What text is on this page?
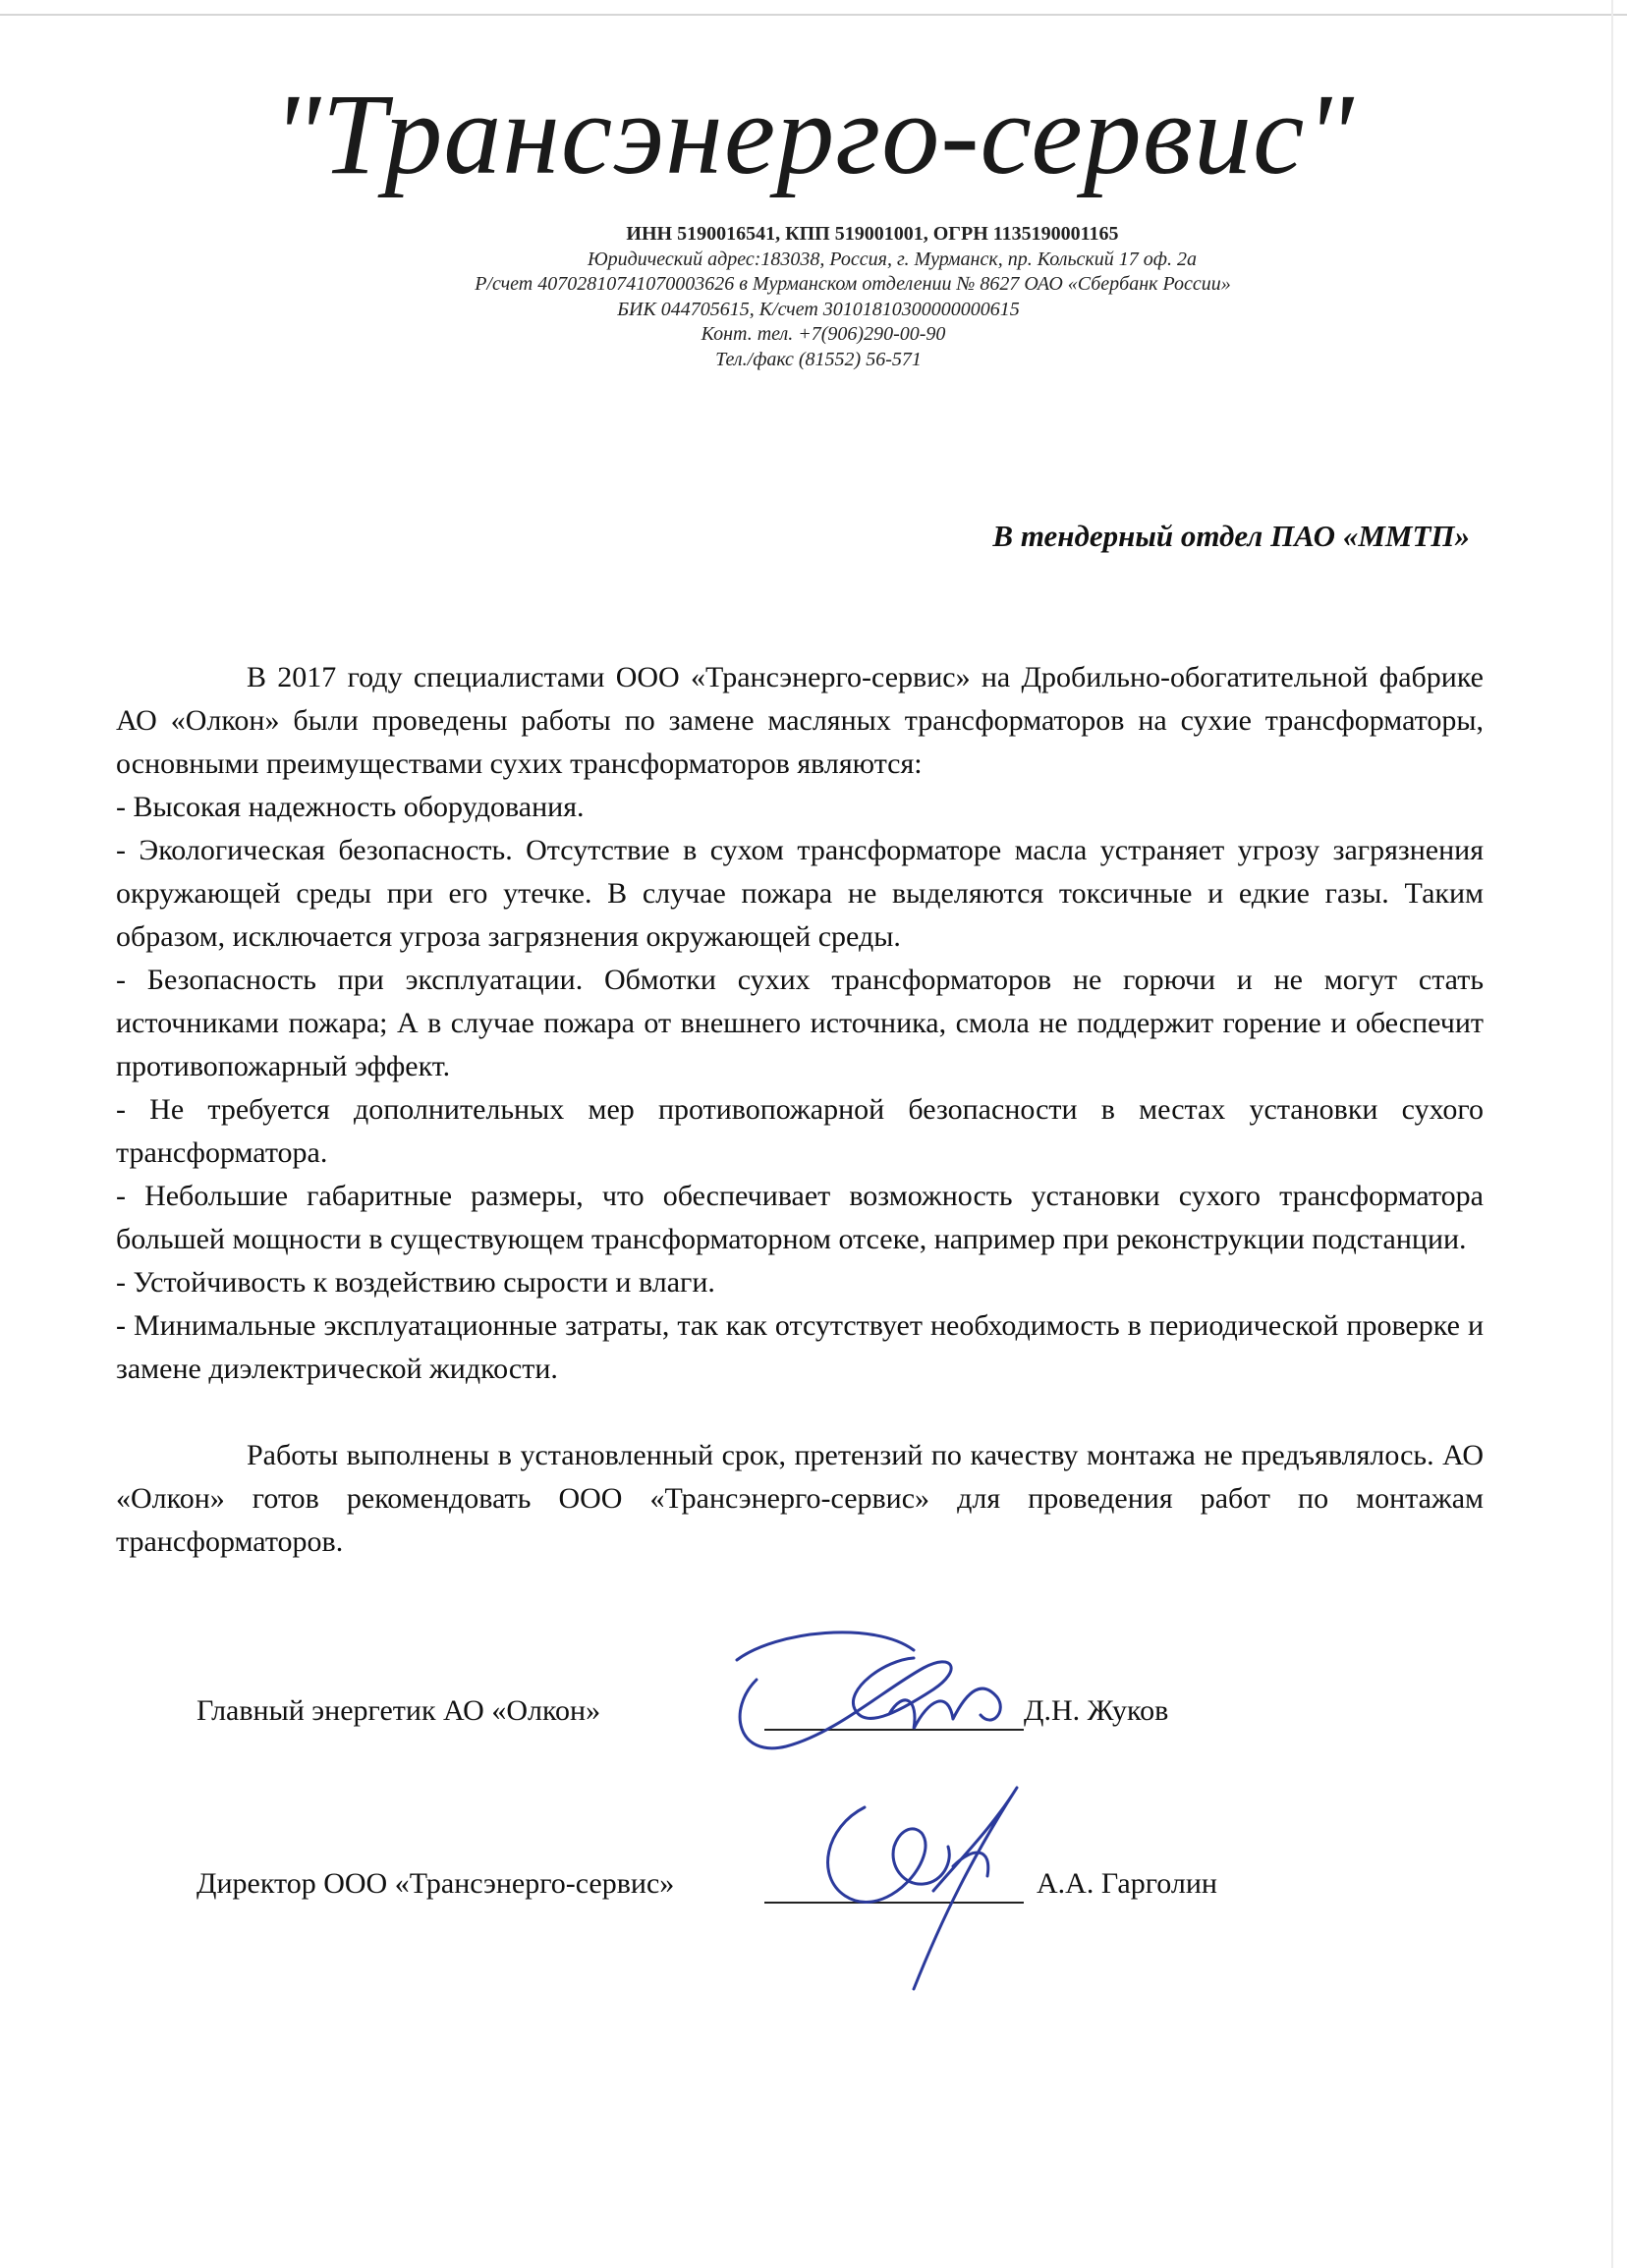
"Трансэнерго-сервис"
ИНН 5190016541, КПП 519001001, ОГРН 1135190001165
Юридический адрес:183038, Россия, г. Мурманск, пр. Кольский 17 оф. 2а
Р/счет 40702810741070003626 в Мурманском отделении № 8627 ОАО «Сбербанк России»
БИК 044705615, К/счет 30101810300000000615
Конт. тел. +7(906)290-00-90
Тел./факс (81552) 56-571
В тендерный отдел ПАО «ММТП»

В 2017 году специалистами ООО «Трансэнерго-сервис» на Дробильно-обогатительной фабрике АО «Олкон» были проведены работы по замене масляных трансформаторов на сухие трансформаторы, основными преимуществами сухих трансформаторов являются:

- Высокая надежность оборудования.

- Экологическая безопасность. Отсутствие в сухом трансформаторе масла устраняет угрозу загрязнения окружающей среды при его утечке. В случае пожара не выделяются токсичные и едкие газы. Таким образом, исключается угроза загрязнения окружающей среды.

- Безопасность при эксплуатации. Обмотки сухих трансформаторов не горючи и не могут стать источниками пожара; А в случае пожара от внешнего источника, смола не поддержит горение и обеспечит противопожарный эффект.

- Не требуется дополнительных мер противопожарной безопасности в местах установки сухого трансформатора.

- Небольшие габаритные размеры, что обеспечивает возможность установки сухого трансформатора большей мощности в существующем трансформаторном отсеке, например при реконструкции подстанции.

- Устойчивость к воздействию сырости и влаги.

- Минимальные эксплуатационные затраты, так как отсутствует необходимость в периодической проверке и замене диэлектрической жидкости.

Работы выполнены в установленный срок, претензий по качеству монтажа не предъявлялось. АО «Олкон» готов рекомендовать ООО «Трансэнерго-сервис» для проведения работ по монтажам трансформаторов.

Главный энергетик АО «Олкон»	Д.Н. Жуков
Директор ООО «Трансэнерго-сервис»	А.А. Гарголин
